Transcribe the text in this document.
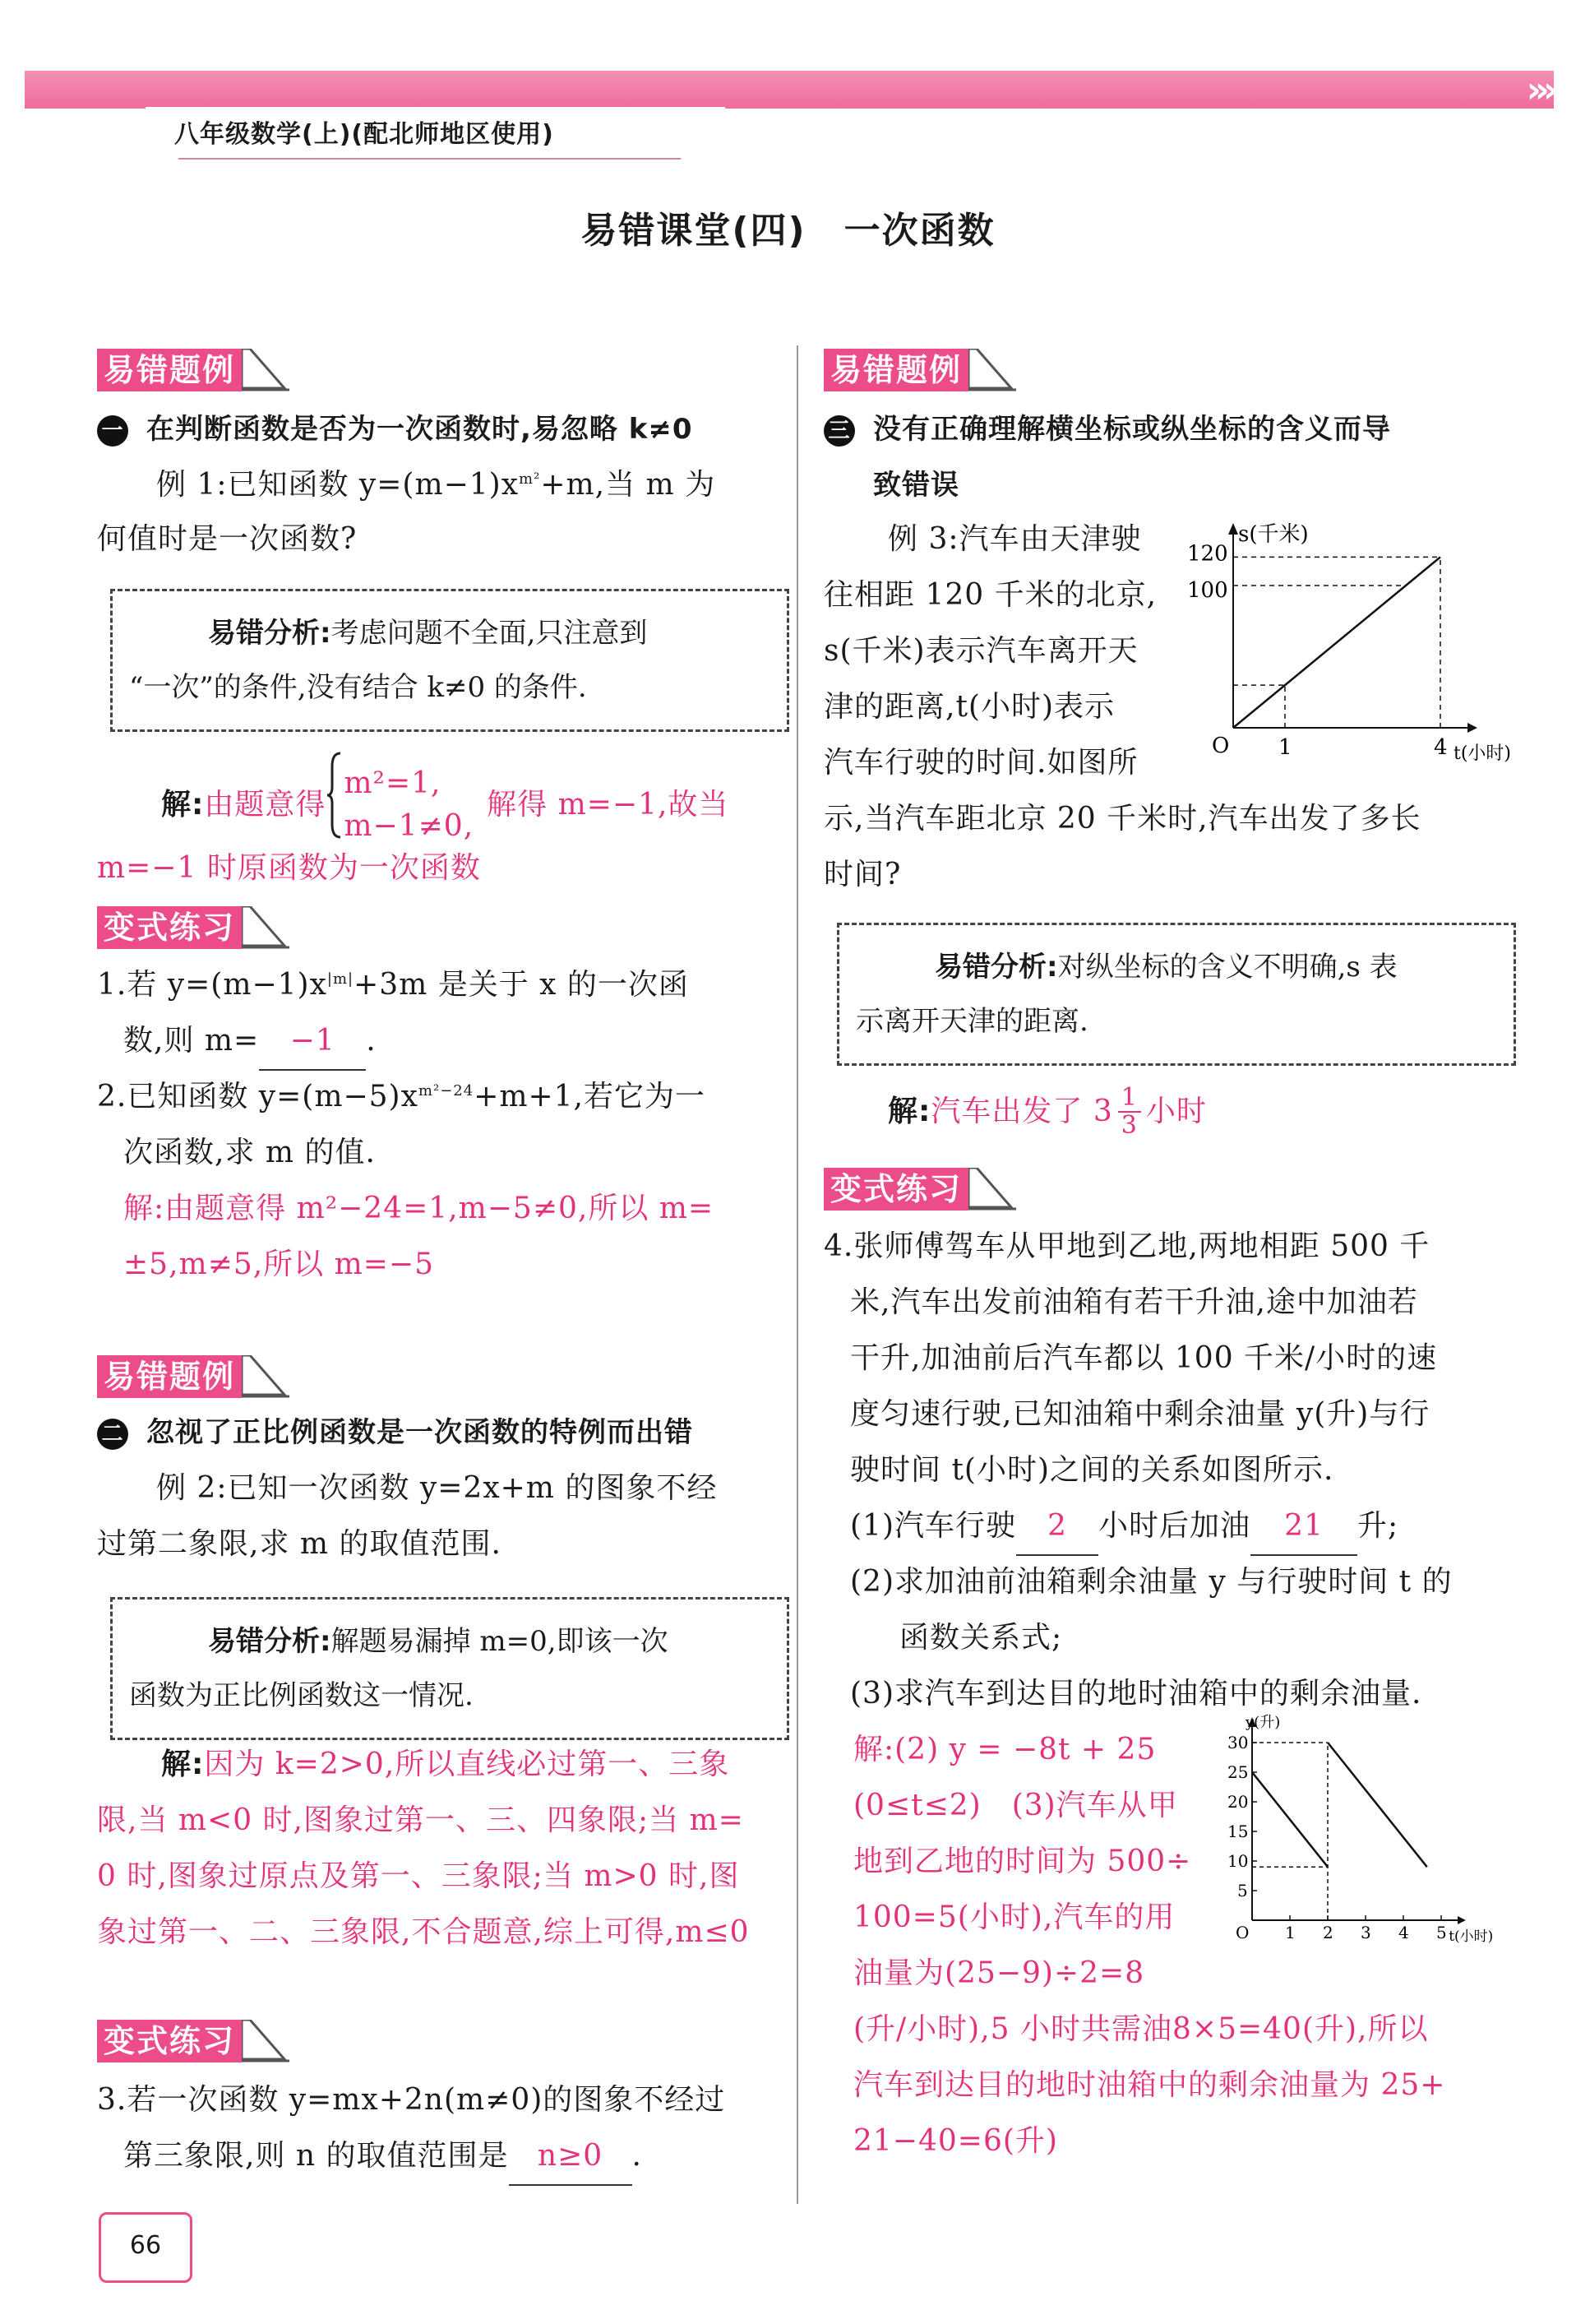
›››
八年级数学(上)(配北师地区使用)
易错课堂(四)　一次函数
易错题例
一 在判断函数是否为一次函数时,易忽略 k≠0
例 1:已知函数 $y=(m-1)x^{m^2}+m$,当 m 为
何值时是一次函数?
易错分析:考虑问题不全面,只注意到
“一次”的条件,没有结合 k≠0 的条件.
解: 由题意得
m²=1,
m−1≠0,
解得 m=−1,故当
m=−1 时原函数为一次函数
变式练习
1.若 $y=(m-1)x^{|m|}+3m$ 是关于 x 的一次函
数,则 m= −1 .
2.已知函数 $y=(m-5)x^{m^2-24}+m+1$,若它为一
次函数,求 m 的值.
解:由题意得 m²−24=1,m−5≠0,所以 m=
±5,m≠5,所以 m=−5
易错题例
二 忽视了正比例函数是一次函数的特例而出错
例 2:已知一次函数 y=2x+m 的图象不经
过第二象限,求 m 的取值范围.
易错分析:解题易漏掉 m=0,即该一次
函数为正比例函数这一情况.
解:因为 k=2>0,所以直线必过第一、三象
限,当 m<0 时,图象过第一、三、四象限;当 m=
0 时,图象过原点及第一、三象限;当 m>0 时,图
象过第一、二、三象限,不合题意,综上可得,m≤0
变式练习
3.若一次函数 y=mx+2n(m≠0)的图象不经过
第三象限,则 n 的取值范围是 n≥0 .
66
易错题例
三 没有正确理解横坐标或纵坐标的含义而导
致错误
例 3:汽车由天津驶
往相距 120 千米的北京,
s(千米)表示汽车离开天
津的距离,t(小时)表示
汽车行驶的时间.如图所
示,当汽车距北京 20 千米时,汽车出发了多长
时间?
s(千米)
t(小时)
O 1	4
100
120
易错分析:对纵坐标的含义不明确,s 表
示离开天津的距离.
解: 汽车出发了 $3 \frac{1}{3}$ 小时
变式练习
4.张师傅驾车从甲地到乙地,两地相距 500 千
米,汽车出发前油箱有若干升油,途中加油若
干升,加油前后汽车都以 100 千米/小时的速
度匀速行驶,已知油箱中剩余油量 y(升)与行
驶时间 t(小时)之间的关系如图所示.
(1)汽车行驶 2 小时后加油 21 升;
(2)求加油前油箱剩余油量 y 与行驶时间 t 的
函数关系式;
(3)求汽车到达目的地时油箱中的剩余油量.
解:(2) y = −8t + 25
(0≤t≤2)　(3)汽车从甲
地到乙地的时间为 500÷
100=5(小时),汽车的用
油量为(25−9)÷2=8
(升/小时),5 小时共需油8×5=40(升),所以
汽车到达目的地时油箱中的剩余油量为 25+
21−40=6(升)
y(升)
t(小时)
O 1 2 3 4 5
5
10
15
20
25
30
